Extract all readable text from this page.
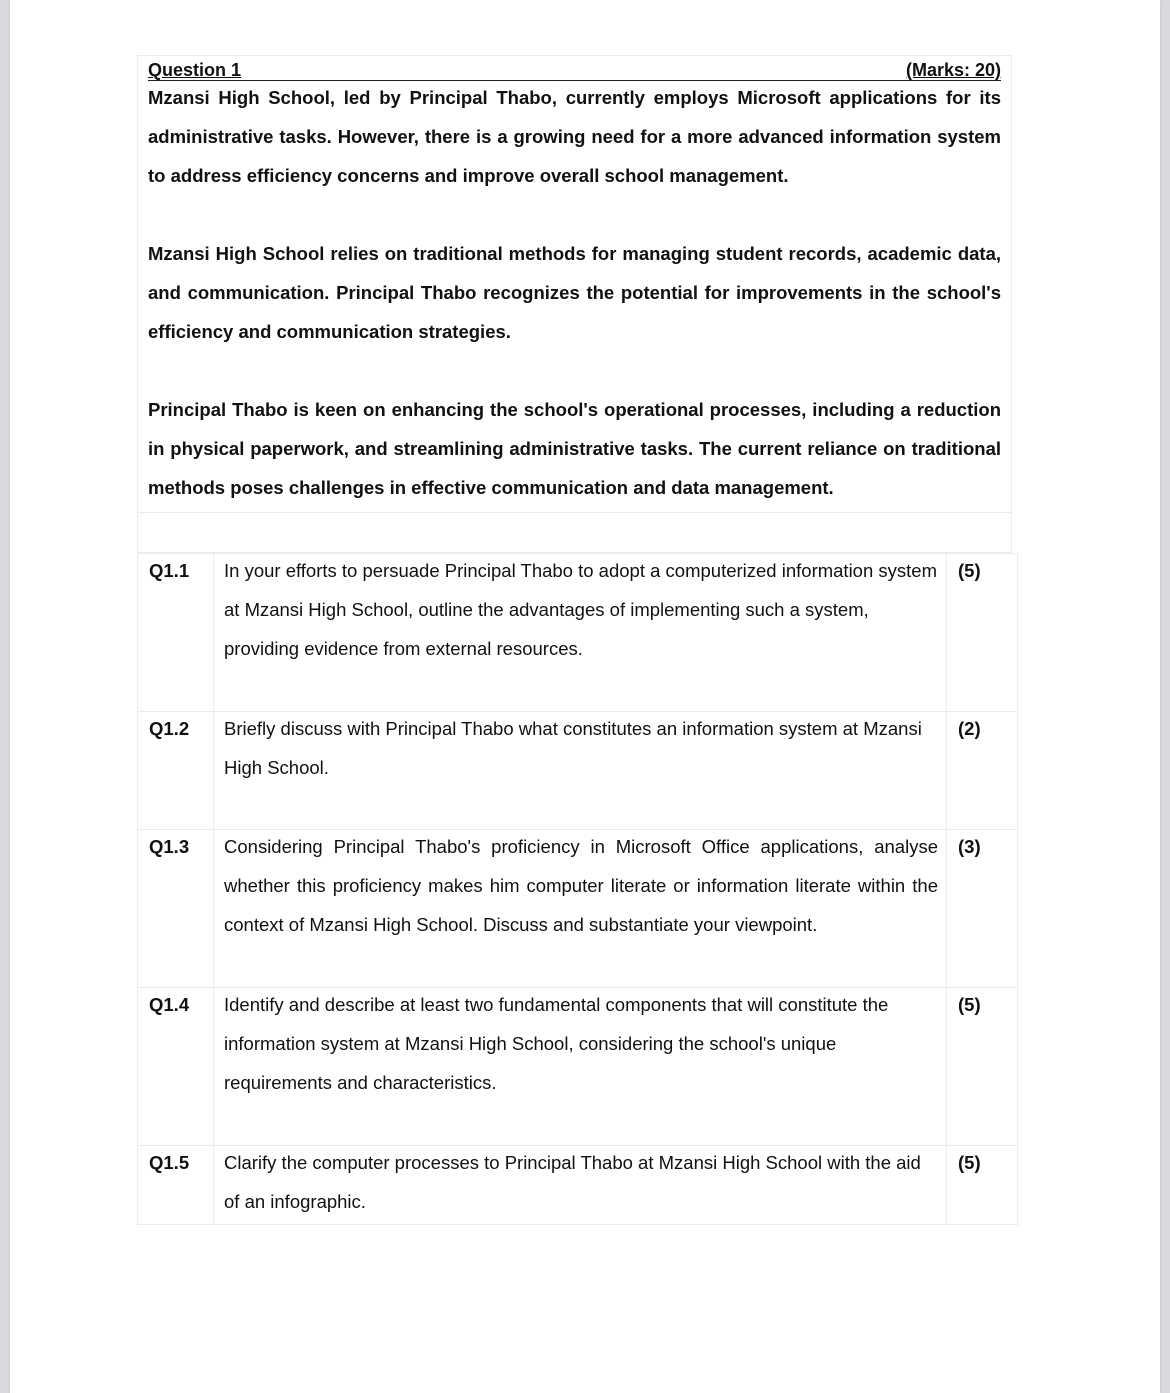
Question 1	(Marks: 20)
Mzansi High School, led by Principal Thabo, currently employs Microsoft applications for its administrative tasks. However, there is a growing need for a more advanced information system to address efficiency concerns and improve overall school management.
Mzansi High School relies on traditional methods for managing student records, academic data, and communication. Principal Thabo recognizes the potential for improvements in the school's efficiency and communication strategies.
Principal Thabo is keen on enhancing the school's operational processes, including a reduction in physical paperwork, and streamlining administrative tasks. The current reliance on traditional methods poses challenges in effective communication and data management.
Q1.1	In your efforts to persuade Principal Thabo to adopt a computerized information system at Mzansi High School, outline the advantages of implementing such a system, providing evidence from external resources.	(5)

Q1.2	Briefly discuss with Principal Thabo what constitutes an information system at Mzansi High School.	(2)

Q1.3	Considering Principal Thabo's proficiency in Microsoft Office applications, analyse whether this proficiency makes him computer literate or information literate within the context of Mzansi High School. Discuss and substantiate your viewpoint.	(3)

Q1.4	Identify and describe at least two fundamental components that will constitute the information system at Mzansi High School, considering the school's unique requirements and characteristics.	(5)

Q1.5	Clarify the computer processes to Principal Thabo at Mzansi High School with the aid of an infographic.	(5)
